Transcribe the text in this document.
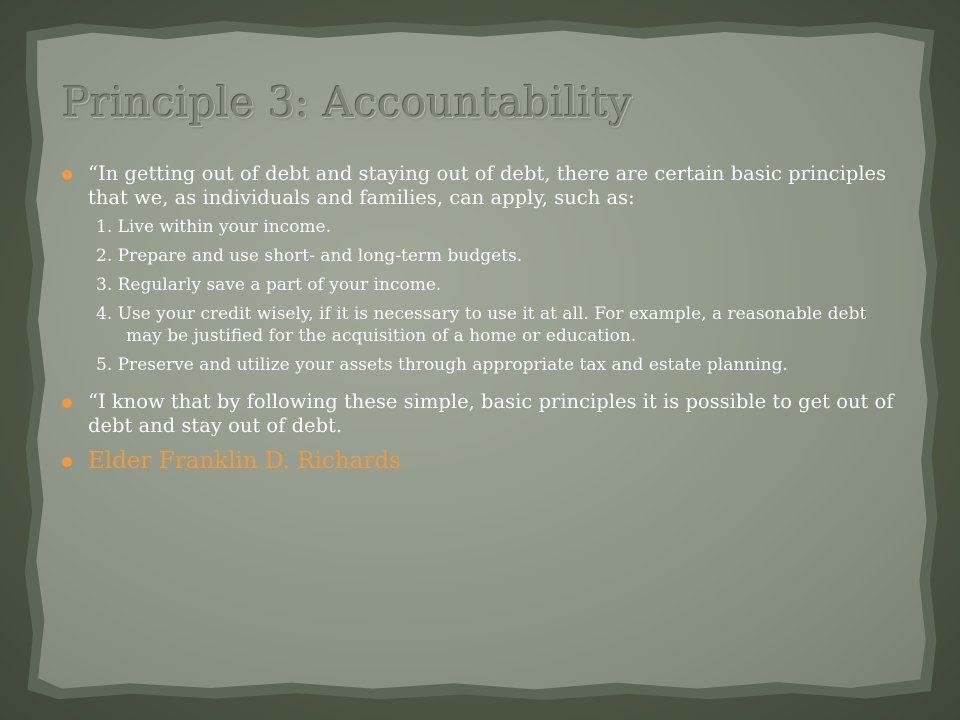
Principle 3: Accountability
“In getting out of debt and staying out of debt, there are certain basic principles that we, as individuals and families, can apply, such as:
1. Live within your income.
2. Prepare and use short- and long-term budgets.
3. Regularly save a part of your income.
4. Use your credit wisely, if it is necessary to use it at all. For example, a reasonable debt may be justified for the acquisition of a home or education.
5. Preserve and utilize your assets through appropriate tax and estate planning.
“I know that by following these simple, basic principles it is possible to get out of debt and stay out of debt.
Elder Franklin D. Richards
